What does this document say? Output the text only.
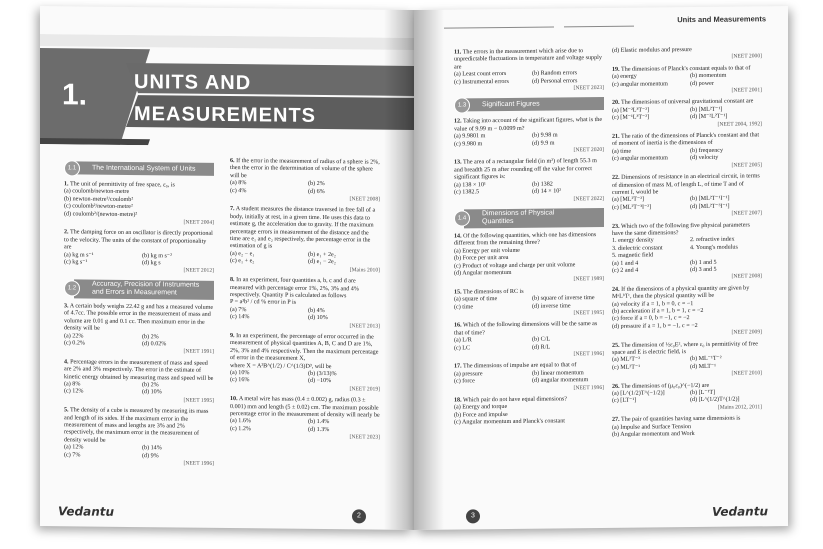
1. UNITS AND
MEASUREMENTS
The International System of Units
1.1
1. The unit of permittivity of free space, ε₀, is
(a) coulomb/newton-metre
(b) newton-metre²/coulomb²
(c) coulomb²/newton-metre²
(d) coulomb²/(newton-metre)²
[NEET 2004]
2. The damping force on an oscillator is directly proportional to the velocity. The units of the constant of proportionality are
(a) kg m s⁻¹	(b) kg m s⁻²
(c) kg s⁻¹	(d) kg s
[NEET 2012]
Accuracy, Precision of Instruments
and Errors in Measurement
1.2
3. A certain body weighs 22.42 g and has a measured volume of 4.7cc. The possible error in the measurement of mass and volume are 0.01 g and 0.1 cc. Then maximum error in the density will be
(a) 22%	(b) 2%
(c) 0.2%	(d) 0.02%
[NEET 1991]
4. Percentage errors in the measurement of mass and speed are 2% and 3% respectively. The error in the estimate of kinetic energy obtained by measuring mass and speed will be
(a) 8%	(b) 2%
(c) 12%	(d) 10%
[NEET 1995]
5. The density of a cube is measured by measuring its mass and length of its sides. If the maximum error in the measurement of mass and lengths are 3% and 2% respectively, the maximum error in the measurement of density would be
(a) 12%	(b) 14%
(c) 7%	(d) 9%
[NEET 1996]
6. If the error in the measurement of radius of a sphere is 2%, then the error in the determination of volume of the sphere will be
(a) 8%	(b) 2%
(c) 4%	(d) 6%
[NEET 2008]
7. A student measures the distance traversed in free fall of a body, initially at rest, in a given time. He uses this data to estimate g, the acceleration due to gravity. If the maximum percentage errors in measurement of the distance and the time are e₁ and e₂ respectively, the percentage error in the estimation of g is
(a) e₂ − e₁	(b) e₁ + 2e₂
(c) e₁ + e₂	(d) e₁ − 2e₂
[Mains 2010]
8. In an experiment, four quantities a, b, c and d are measured with percentage error 1%, 2%, 3% and 4% respectively. Quantity P is calculated as follows
P = a³b² / cd % error in P is
(a) 7%	(b) 4%
(c) 14%	(d) 10%
[NEET 2013]
9. In an experiment, the percentage of error occurred in the measurement of physical quantities A, B, C and D are 1%, 2%, 3% and 4% respectively. Then the maximum percentage of error in the measurement X,
where X = A²B^(1/2) / C^(1/3)D³, will be
(a) 10%	(b) (3/13)%
(c) 16%	(d) −10%
[NEET 2019]
10. A metal wire has mass (0.4 ± 0.002) g, radius (0.3 ± 0.001) mm and length (5 ± 0.02) cm. The maximum possible percentage error in the measurement of density will nearly be
(a) 1.6%	(b) 1.4%
(c) 1.2%	(d) 1.3%
[NEET 2023]
Vedantu	2
Units and Measurements
11. The errors in the measurement which arise due to unpredictable fluctuations in temperature and voltage supply are
(a) Least count errors	(b) Random errors
(c) Instrumental errors	(d) Personal errors
[NEET 2023]
Significant Figures
1.3
12. Taking into account of the significant figures, what is the value of 9.99 m − 0.0099 m?
(a) 9.9801 m	(b) 9.98 m
(c) 9.980 m	(d) 9.9 m
[NEET 2020]
13. The area of a rectangular field (in m²) of length 55.3 m and breadth 25 m after rounding off the value for correct significant figures is:
(a) 138 × 10¹	(b) 1382
(c) 1382.5	(d) 14 × 10²
[NEET 2022]
Dimensions of Physical
Quantities
1.4
14. Of the following quantities, which one has dimensions different from the remaining three?
(a) Energy per unit volume
(b) Force per unit area
(c) Product of voltage and charge per unit volume
(d) Angular momentum
[NEET 1989]
15. The dimensions of RC is
(a) square of time	(b) square of inverse time
(c) time	(d) inverse time
[NEET 1995]
16. Which of the following dimensions will be the same as that of time?
(a) L/R	(b) C/L
(c) LC	(d) R/L
[NEET 1996]
17. The dimensions of impulse are equal to that of
(a) pressure	(b) linear momentum
(c) force	(d) angular momentum
[NEET 1996]
18. Which pair do not have equal dimensions?
(a) Energy and torque
(b) Force and impulse
(c) Angular momentum and Planck's constant
(d) Elastic modulus and pressure
[NEET 2000]
19. The dimensions of Planck's constant equals to that of
(a) energy	(b) momentum
(c) angular momentum	(d) power
[NEET 2001]
20. The dimensions of universal gravitational constant are
(a) [M⁻²L³T⁻²]	(b) [ML²T⁻¹]
(c) [M⁻¹L³T⁻²]	(d) [M⁻²L²T⁻¹]
[NEET 2004, 1992]
21. The ratio of the dimensions of Planck's constant and that of moment of inertia is the dimensions of
(a) time	(b) frequency
(c) angular momentum	(d) velocity
[NEET 2005]
22. Dimensions of resistance in an electrical circuit, in terms of dimension of mass M, of length L, of time T and of current I, would be
(a) [ML²T⁻²]	(b) [ML²T⁻¹I⁻¹]
(c) [ML²T⁻³I⁻²]	(d) [ML²T⁻³I⁻¹]
[NEET 2007]
23. Which two of the following five physical parameters have the same dimensions?
1. energy density	2. refractive index
3. dielectric constant	4. Young's modulus
5. magnetic field
(a) 1 and 4	(b) 1 and 5
(c) 2 and 4	(d) 3 and 5
[NEET 2008]
24. If the dimensions of a physical quantity are given by MᵃLᵇTᶜ, then the physical quantity will be
(a) velocity if a = 1, b = 0, c = −1
(b) acceleration if a = 1, b = 1, c = −2
(c) force if a = 0, b = −1, c = −2
(d) pressure if a = 1, b = −1, c = −2
[NEET 2009]
25. The dimension of ½ε₀E², where ε₀ is permittivity of free space and E is electric field, is
(a) ML²T⁻²	(b) ML⁻¹T⁻²
(c) ML²T⁻¹	(d) MLT⁻¹
[NEET 2010]
26. The dimensions of (μ₀ε₀)^(−1/2) are
(a) [L^(1/2)T^(−1/2)]	(b) [L⁻¹T]
(c) [LT⁻¹]	(d) [L^(1/2)T^(1/2)]
[Mains 2012, 2011]
27. The pair of quantities having same dimensions is
(a) Impulse and Surface Tension
(b) Angular momentum and Work
3	Vedantu
